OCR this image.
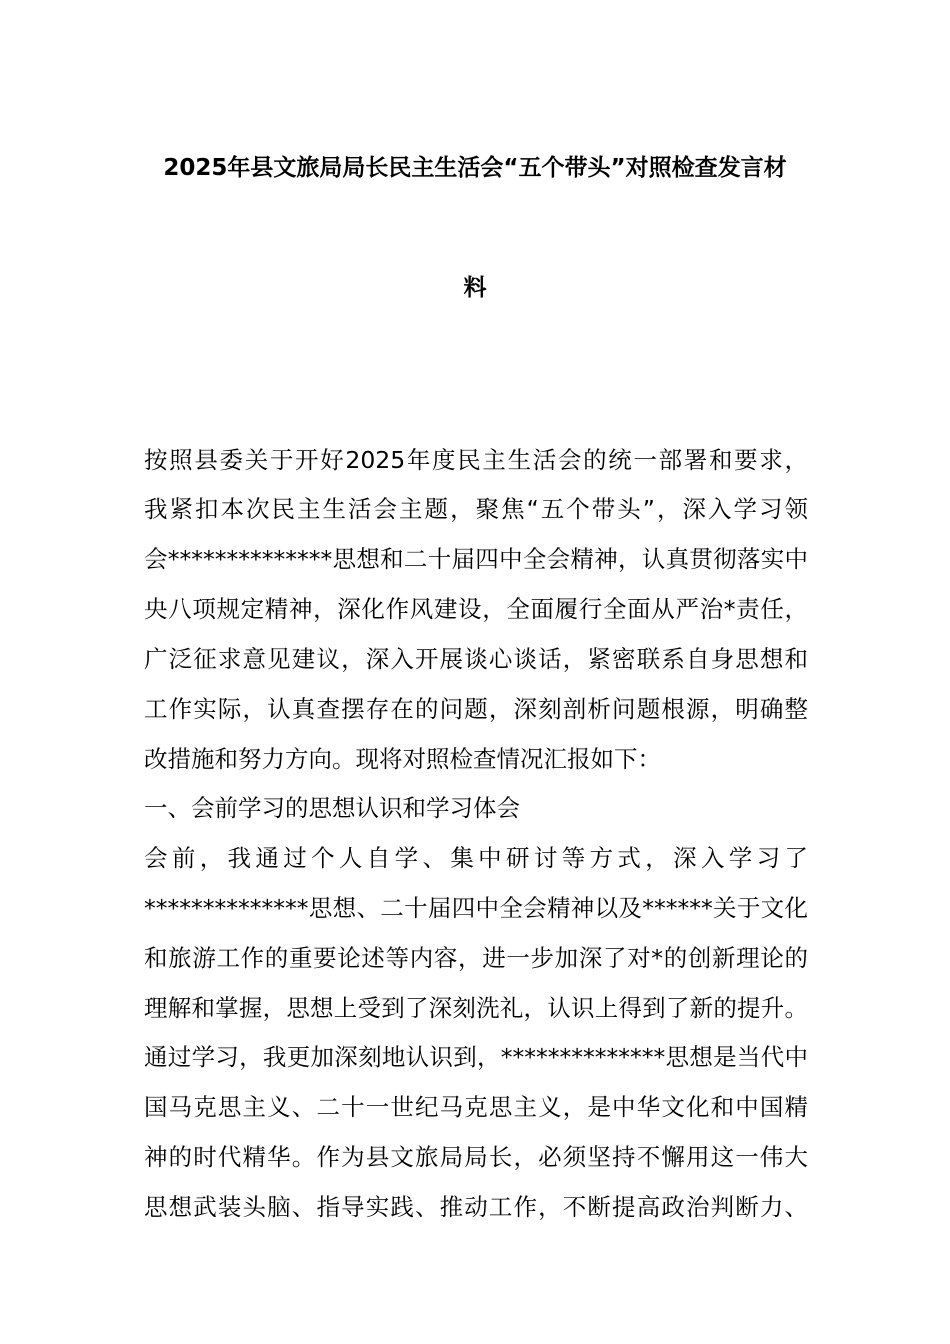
2025年县文旅局局长民主生活会“五个带头”对照检查发言材
料
按照县委关于开好2025年度民主生活会的统一部署和要求，
我紧扣本次民主生活会主题，聚焦“五个带头”，深入学习领
会**************思想和二十届四中全会精神，认真贯彻落实中
央八项规定精神，深化作风建设，全面履行全面从严治*责任，
广泛征求意见建议，深入开展谈心谈话，紧密联系自身思想和
工作实际，认真查摆存在的问题，深刻剖析问题根源，明确整
改措施和努力方向。现将对照检查情况汇报如下：
一、会前学习的思想认识和学习体会
会前，我通过个人自学、集中研讨等方式，深入学习了
**************思想、二十届四中全会精神以及******关于文化
和旅游工作的重要论述等内容，进一步加深了对*的创新理论的
理解和掌握，思想上受到了深刻洗礼，认识上得到了新的提升。
通过学习，我更加深刻地认识到，**************思想是当代中
国马克思主义、二十一世纪马克思主义，是中华文化和中国精
神的时代精华。作为县文旅局局长，必须坚持不懈用这一伟大
思想武装头脑、指导实践、推动工作，不断提高政治判断力、
